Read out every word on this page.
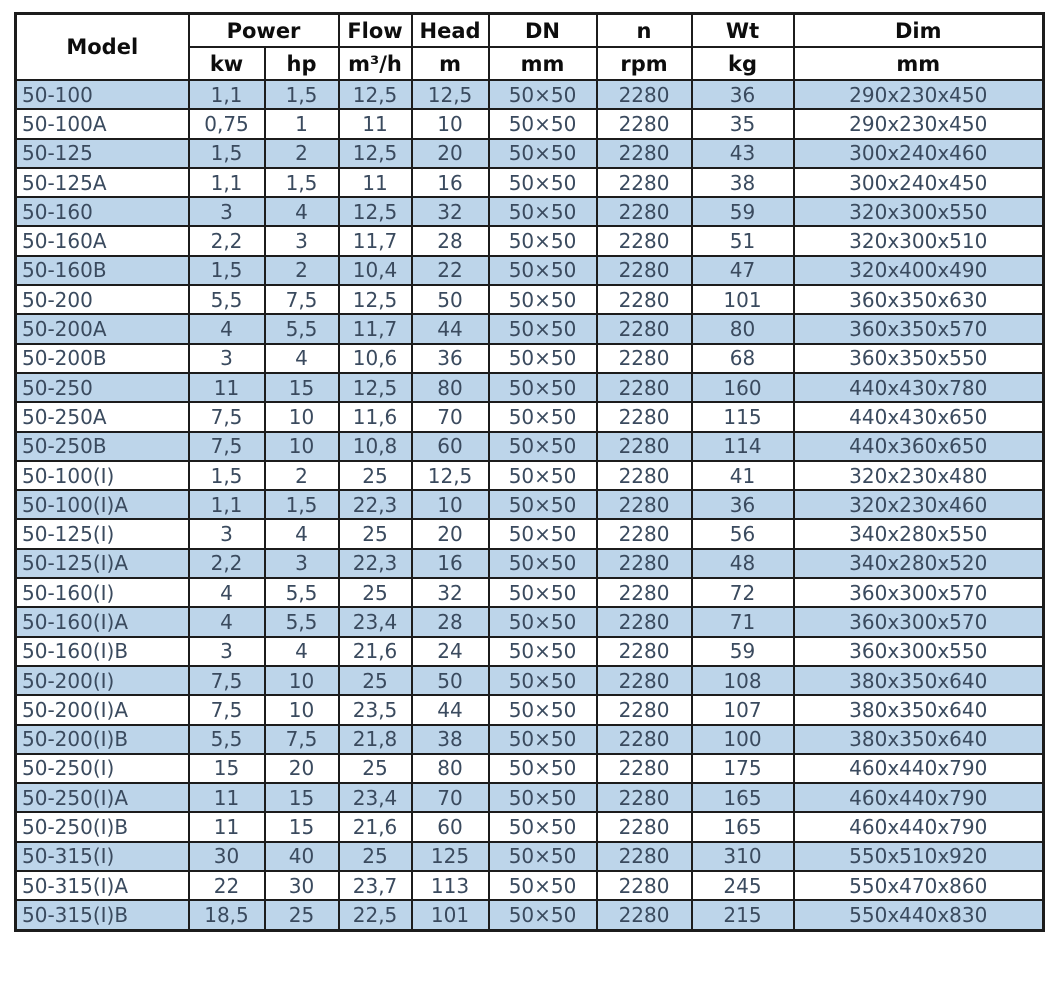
Model	Power		Flow	Head	DN	n	Wt	Dim
	kw	hp	m³/h	m	mm	rpm	kg	mm
50-100	1,1	1,5	12,5	12,5	50×50	2280	36	290x230x450
50-100A	0,75	1	11	10	50×50	2280	35	290x230x450
50-125	1,5	2	12,5	20	50×50	2280	43	300x240x460
50-125A	1,1	1,5	11	16	50×50	2280	38	300x240x450
50-160	3	4	12,5	32	50×50	2280	59	320x300x550
50-160A	2,2	3	11,7	28	50×50	2280	51	320x300x510
50-160B	1,5	2	10,4	22	50×50	2280	47	320x400x490
50-200	5,5	7,5	12,5	50	50×50	2280	101	360x350x630
50-200A	4	5,5	11,7	44	50×50	2280	80	360x350x570
50-200B	3	4	10,6	36	50×50	2280	68	360x350x550
50-250	11	15	12,5	80	50×50	2280	160	440x430x780
50-250A	7,5	10	11,6	70	50×50	2280	115	440x430x650
50-250B	7,5	10	10,8	60	50×50	2280	114	440x360x650
50-100(I)	1,5	2	25	12,5	50×50	2280	41	320x230x480
50-100(I)A	1,1	1,5	22,3	10	50×50	2280	36	320x230x460
50-125(I)	3	4	25	20	50×50	2280	56	340x280x550
50-125(I)A	2,2	3	22,3	16	50×50	2280	48	340x280x520
50-160(I)	4	5,5	25	32	50×50	2280	72	360x300x570
50-160(I)A	4	5,5	23,4	28	50×50	2280	71	360x300x570
50-160(I)B	3	4	21,6	24	50×50	2280	59	360x300x550
50-200(I)	7,5	10	25	50	50×50	2280	108	380x350x640
50-200(I)A	7,5	10	23,5	44	50×50	2280	107	380x350x640
50-200(I)B	5,5	7,5	21,8	38	50×50	2280	100	380x350x640
50-250(I)	15	20	25	80	50×50	2280	175	460x440x790
50-250(I)A	11	15	23,4	70	50×50	2280	165	460x440x790
50-250(I)B	11	15	21,6	60	50×50	2280	165	460x440x790
50-315(I)	30	40	25	125	50×50	2280	310	550x510x920
50-315(I)A	22	30	23,7	113	50×50	2280	245	550x470x860
50-315(I)B	18,5	25	22,5	101	50×50	2280	215	550x440x830
